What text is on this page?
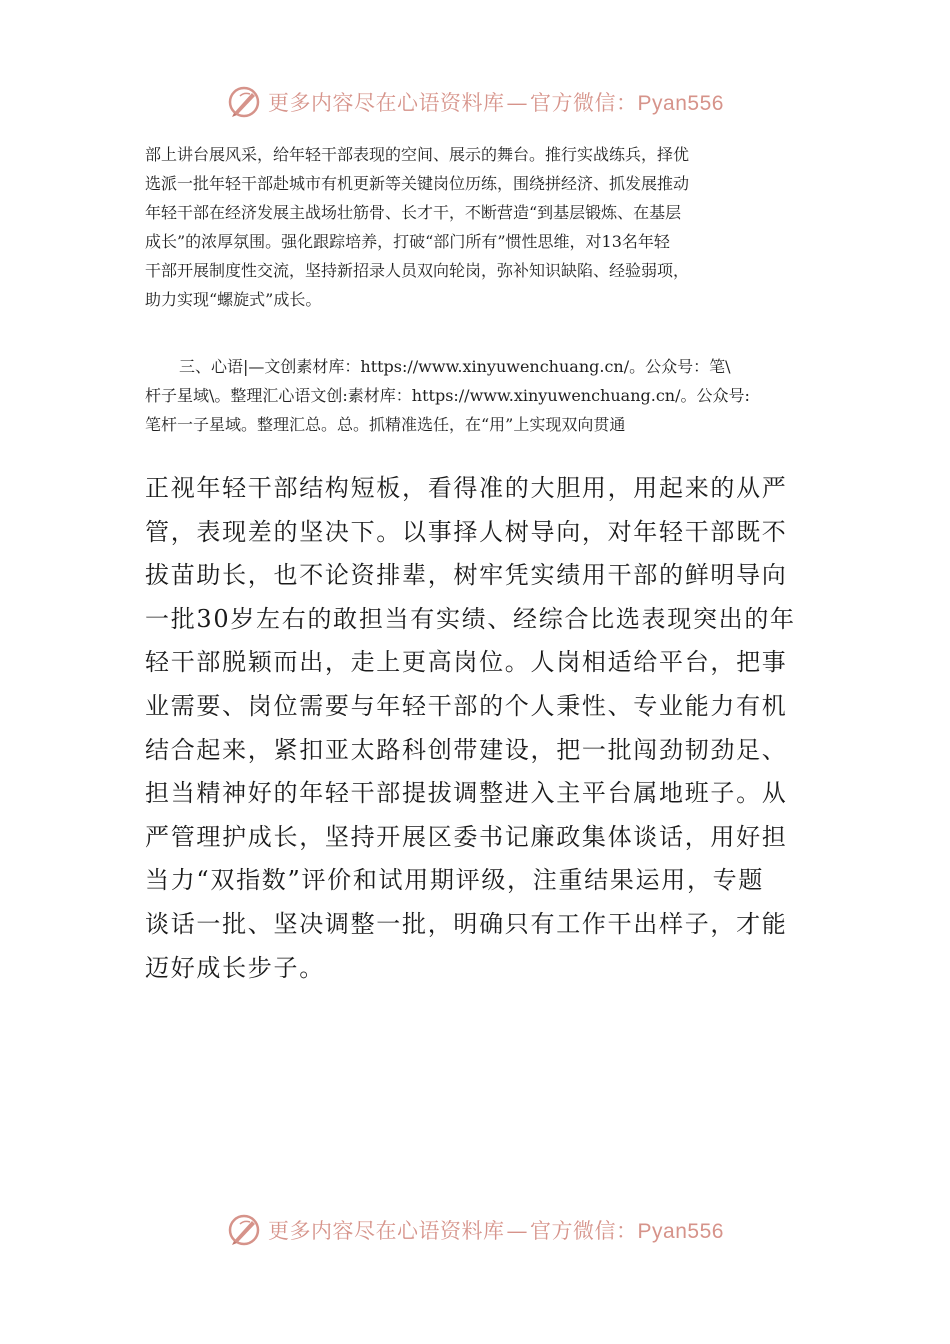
更多内容尽在心语资料库—官方微信：Pyan556
部上讲台展风采，给年轻干部表现的空间、展示的舞台。推行实战练兵，择优
选派一批年轻干部赴城市有机更新等关键岗位历练，围绕拼经济、抓发展推动
年轻干部在经济发展主战场壮筋骨、长才干，不断营造“到基层锻炼、在基层
成长”的浓厚氛围。强化跟踪培养，打破“部门所有”惯性思维，对13名年轻
干部开展制度性交流，坚持新招录人员双向轮岗，弥补知识缺陷、经验弱项，
助力实现“螺旋式”成长。
三、心语|—文创素材库：https://www.xinyuwenchuang.cn/。公众号：笔\
杆子星域\。整理汇心语文创:素材库：https://www.xinyuwenchuang.cn/。公众号:
笔杆一子星域。整理汇总。总。抓精准选任，在“用”上实现双向贯通
正视年轻干部结构短板，看得准的大胆用，用起来的从严
管，表现差的坚决下。以事择人树导向，对年轻干部既不
拔苗助长，也不论资排辈，树牢凭实绩用干部的鲜明导向
一批30岁左右的敢担当有实绩、经综合比选表现突出的年
轻干部脱颖而出，走上更高岗位。人岗相适给平台，把事
业需要、岗位需要与年轻干部的个人秉性、专业能力有机
结合起来，紧扣亚太路科创带建设，把一批闯劲韧劲足、
担当精神好的年轻干部提拔调整进入主平台属地班子。从
严管理护成长，坚持开展区委书记廉政集体谈话，用好担
当力“双指数”评价和试用期评级，注重结果运用，专题
谈话一批、坚决调整一批，明确只有工作干出样子，才能
迈好成长步子。
更多内容尽在心语资料库—官方微信：Pyan556
